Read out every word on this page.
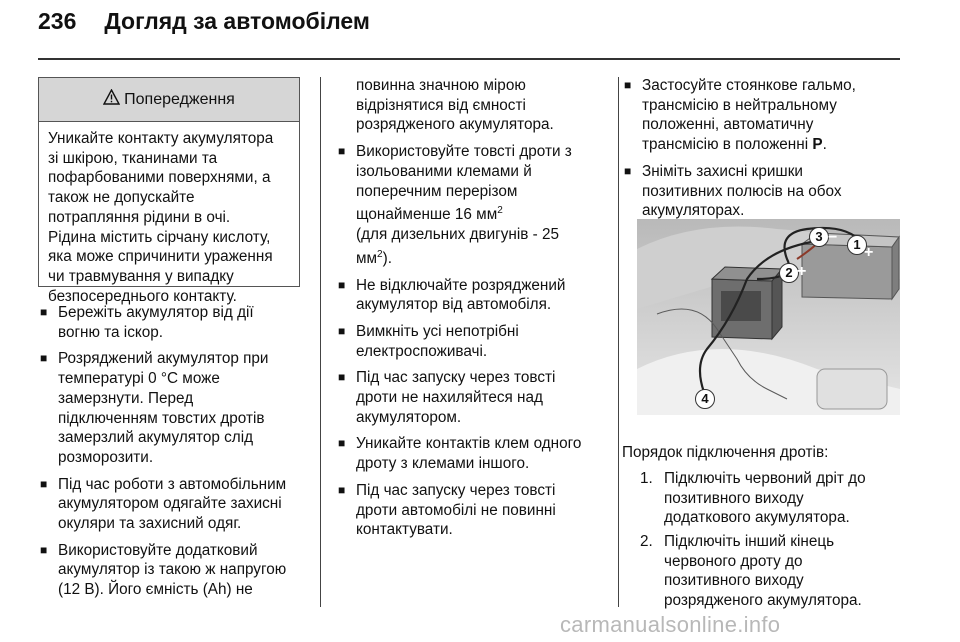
236 Догляд за автомобілем
Попередження
Уникайте контакту акумулятора
зі шкірою, тканинами та
пофарбованими поверхнями, а
також не допускайте
потрапляння рідини в очі.
Рідина містить сірчану кислоту,
яка може спричинити ураження
чи травмування у випадку
безпосереднього контакту.
■ Бережіть акумулятор від дії
вогню та іскор.
■ Розряджений акумулятор при
температурі 0 °C може
замерзнути. Перед
підключенням товстих дротів
замерзлий акумулятор слід
розморозити.
■ Під час роботи з автомобільним
акумулятором одягайте захисні
окуляри та захисний одяг.
■ Використовуйте додатковий
акумулятор із такою ж напругою
(12 В). Його ємність (Ah) не
повинна значною мірою
відрізнятися від ємності
розрядженого акумулятора.
■ Використовуйте товсті дроти з
ізольованими клемами й
поперечним перерізом
щонайменше 16 $мм^2$
(для дизельних двигунів - 25
$мм^2$).
■ Не відключайте розряджений
акумулятор від автомобіля.
■ Вимкніть усі непотрібні
електроспоживачі.
■ Під час запуску через товсті
дроти не нахиляйтеся над
акумулятором.
■ Уникайте контактів клем одного
дроту з клемами іншого.
■ Під час запуску через товсті
дроти автомобілі не повинні
контактувати.
■ Застосуйте стоянкове гальмо,
трансмісію в нейтральному
положенні, автоматичну
трансмісію в положенні P.
■ Зніміть захисні кришки
позитивних полюсів на обох
акумуляторах.
1 +
2 +
3 −
4
Порядок підключення дротів:
1. Підключіть червоний дріт до
позитивного виходу
додаткового акумулятора.
2. Підключіть інший кінець
червоного дроту до
позитивного виходу
розрядженого акумулятора.
carmanualsonline.info
